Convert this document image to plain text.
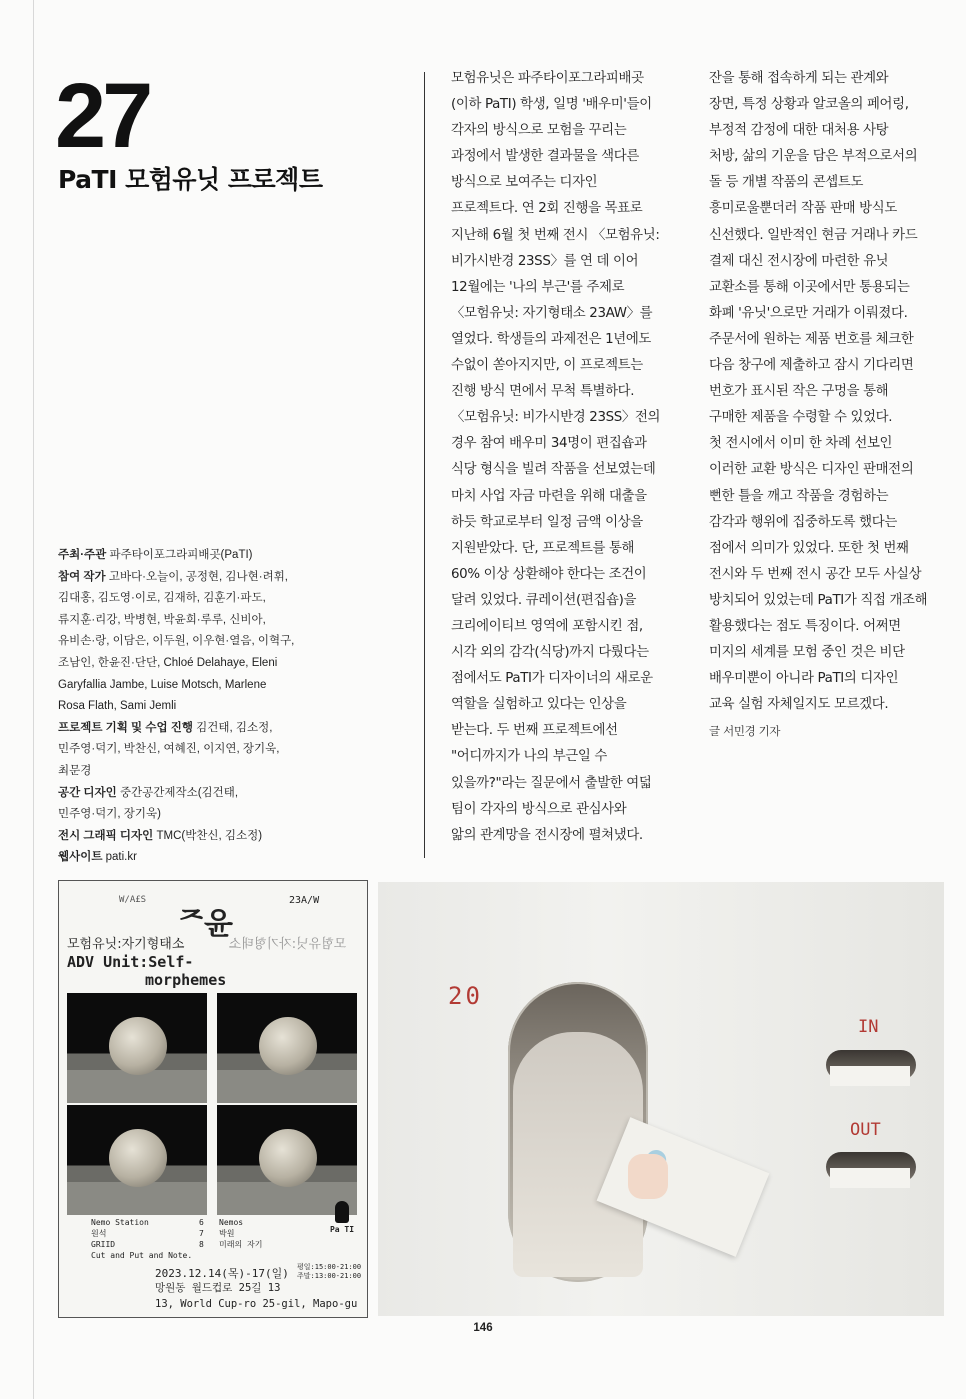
27
PaTI 모험유닛 프로젝트
주최·주관 파주타이포그라피배곳(PaTI)
참여 작가 고바다·오늘이, 공정현, 김나현·려휘,
김대홍, 김도영·이로, 김재하, 김훈기·파도,
류지훈·리강, 박병현, 박윤희·루루, 신비아,
유비손·랑, 이담은, 이두원, 이우현·열음, 이혁구,
조남인, 한윤진·단단, Chloé Delahaye, Eleni
Garyfallia Jambe, Luise Motsch, Marlene
Rosa Flath, Sami Jemli
프로젝트 기획 및 수업 진행 김건태, 김소정,
민주영·덕기, 박찬신, 여혜진, 이지연, 장기욱,
최문경
공간 디자인 중간공간제작소(김건태,
민주영·덕기, 장기욱)
전시 그래픽 디자인 TMC(박찬신, 김소정)
웹사이트 pati.kr
모험유닛은 파주타이포그라피배곳
(이하 PaTI) 학생, 일명 '배우미'들이
각자의 방식으로 모험을 꾸리는
과정에서 발생한 결과물을 색다른
방식으로 보여주는 디자인
프로젝트다. 연 2회 진행을 목표로
지난해 6월 첫 번째 전시 〈모험유닛:
비가시반경 23SS〉를 연 데 이어
12월에는 '나의 부근'를 주제로
〈모험유닛: 자기형태소 23AW〉를
열었다. 학생들의 과제전은 1년에도
수없이 쏟아지지만, 이 프로젝트는
진행 방식 면에서 무척 특별하다.
〈모험유닛: 비가시반경 23SS〉전의
경우 참여 배우미 34명이 편집숍과
식당 형식을 빌려 작품을 선보였는데
마치 사업 자금 마련을 위해 대출을
하듯 학교로부터 일정 금액 이상을
지원받았다. 단, 프로젝트를 통해
60% 이상 상환해야 한다는 조건이
달려 있었다. 큐레이션(편집숍)을
크리에이티브 영역에 포함시킨 점,
시각 외의 감각(식당)까지 다뤘다는
점에서도 PaTI가 디자이너의 새로운
역할을 실험하고 있다는 인상을
받는다. 두 번째 프로젝트에선
"어디까지가 나의 부근일 수
있을까?"라는 질문에서 출발한 여덟
팀이 각자의 방식으로 관심사와
앎의 관계망을 전시장에 펼쳐냈다.
잔을 통해 접속하게 되는 관계와
장면, 특정 상황과 알코올의 페어링,
부정적 감정에 대한 대처용 사탕
처방, 삶의 기운을 담은 부적으로서의
돌 등 개별 작품의 콘셉트도
흥미로울뿐더러 작품 판매 방식도
신선했다. 일반적인 현금 거래나 카드
결제 대신 전시장에 마련한 유닛
교환소를 통해 이곳에서만 통용되는
화폐 '유닛'으로만 거래가 이뤄졌다.
주문서에 원하는 제품 번호를 체크한
다음 창구에 제출하고 잠시 기다리면
번호가 표시된 작은 구멍을 통해
구매한 제품을 수령할 수 있었다.
첫 전시에서 이미 한 차례 선보인
이러한 교환 방식은 디자인 판매전의
뻔한 틀을 깨고 작품을 경험하는
감각과 행위에 집중하도록 했다는
점에서 의미가 있었다. 또한 첫 번째
전시와 두 번째 전시 공간 모두 사실상
방치되어 있었는데 PaTI가 직접 개조해
활용했다는 점도 특징이다. 어쩌면
미지의 세계를 모험 중인 것은 비단
배우미뿐이 아니라 PaTI의 디자인
교육 실험 자체일지도 모르겠다.
글 서민경 기자
W/A£S
ᄌ윤
23A/W
모험유닛:자기형태소	모험유닛:자기형태소
ADV Unit:Self-
morphemes
Nemo Station
원석
GRIID
Cut and Put and Note.
6
7
8
Nemos
박원
미래의 자기
Pa TI
2023.12.14(목)-17(일) 평일:15:00-21:00
주말:13:00-21:00
망원동 월드컵로 25길 13
13, World Cup-ro 25-gil, Mapo-gu
20
IN
OUT
146
